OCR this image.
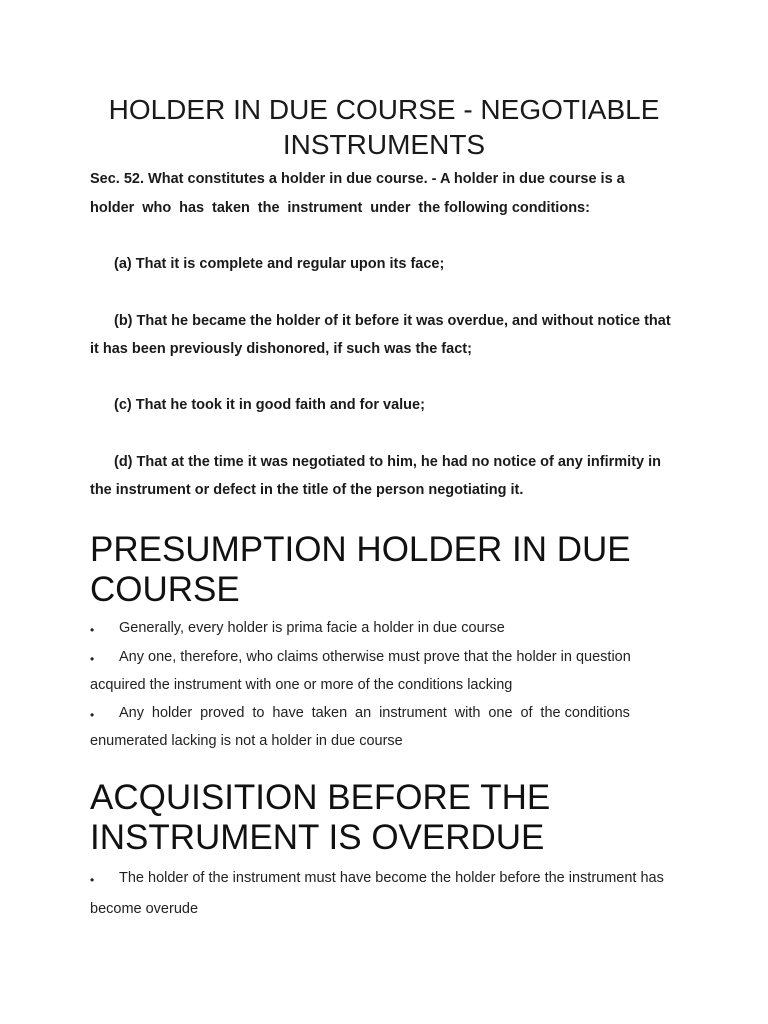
HOLDER IN DUE COURSE - NEGOTIABLE INSTRUMENTS

Sec. 52. What constitutes a holder in due course. - A holder in due course is a

holder who has taken the instrument under the following conditions:

(a) That it is complete and regular upon its face;

(b) That he became the holder of it before it was overdue, and without notice that

it has been previously dishonored, if such was the fact;

(c) That he took it in good faith and for value;

(d) That at the time it was negotiated to him, he had no notice of any infirmity in

the instrument or defect in the title of the person negotiating it.

PRESUMPTION HOLDER IN DUE
COURSE
• Generally, every holder is prima facie a holder in due course
• Any one, therefore, who claims otherwise must prove that the holder in question

acquired the instrument with one or more of the conditions lacking

• Any holder proved to have taken an instrument with one of the conditions

enumerated lacking is not a holder in due course

ACQUISITION BEFORE THE
INSTRUMENT IS OVERDUE
• The holder of the instrument must have become the holder before the instrument has

become overude
